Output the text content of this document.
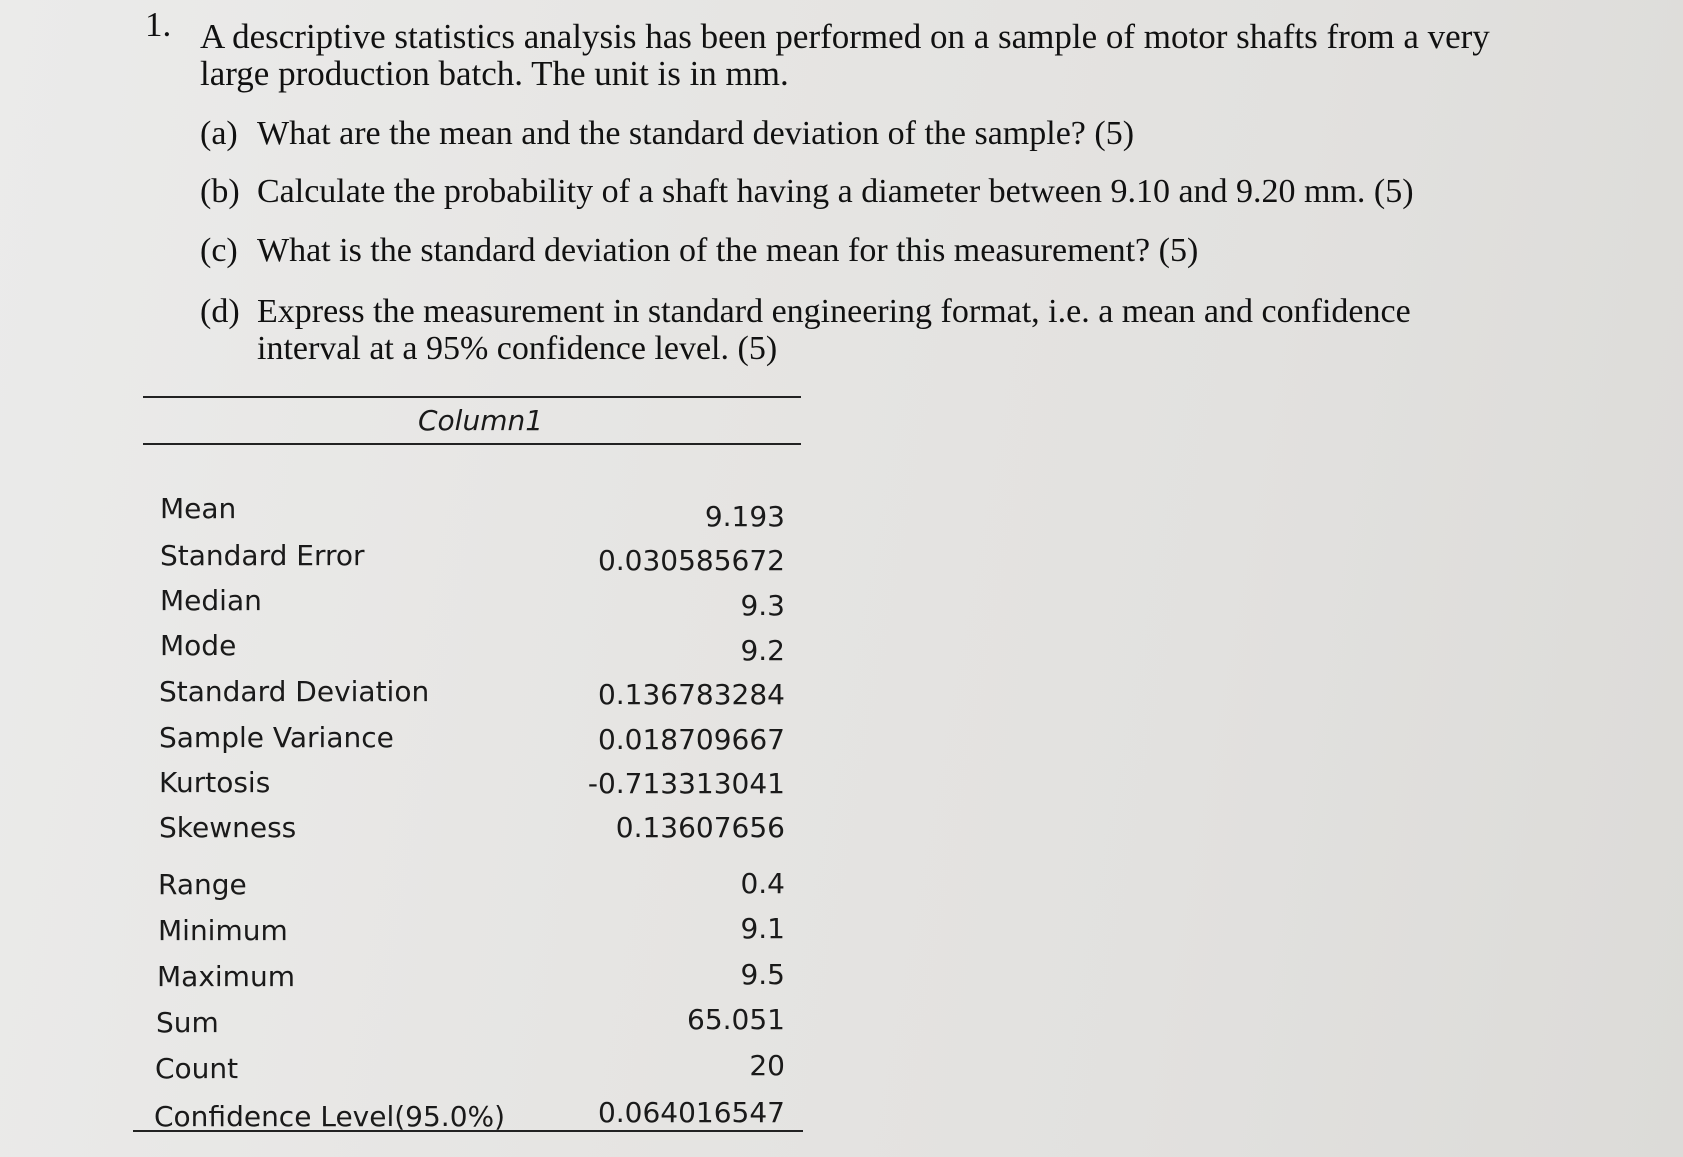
1. A descriptive statistics analysis has been performed on a sample of motor shafts from a very large production batch. The unit is in mm.
(a) What are the mean and the standard deviation of the sample? (5)
(b) Calculate the probability of a shaft having a diameter between 9.10 and 9.20 mm. (5)
(c) What is the standard deviation of the mean for this measurement? (5)
(d) Express the measurement in standard engineering format, i.e. a mean and confidence interval at a 95% confidence level. (5)
Column1
Mean	9.193
Standard Error	0.030585672
Median	9.3
Mode	9.2
Standard Deviation	0.136783284
Sample Variance	0.018709667
Kurtosis	-0.713313041
Skewness	0.13607656
Range	0.4
Minimum	9.1
Maximum	9.5
Sum	65.051
Count	20
Confidence Level(95.0%)	0.064016547
